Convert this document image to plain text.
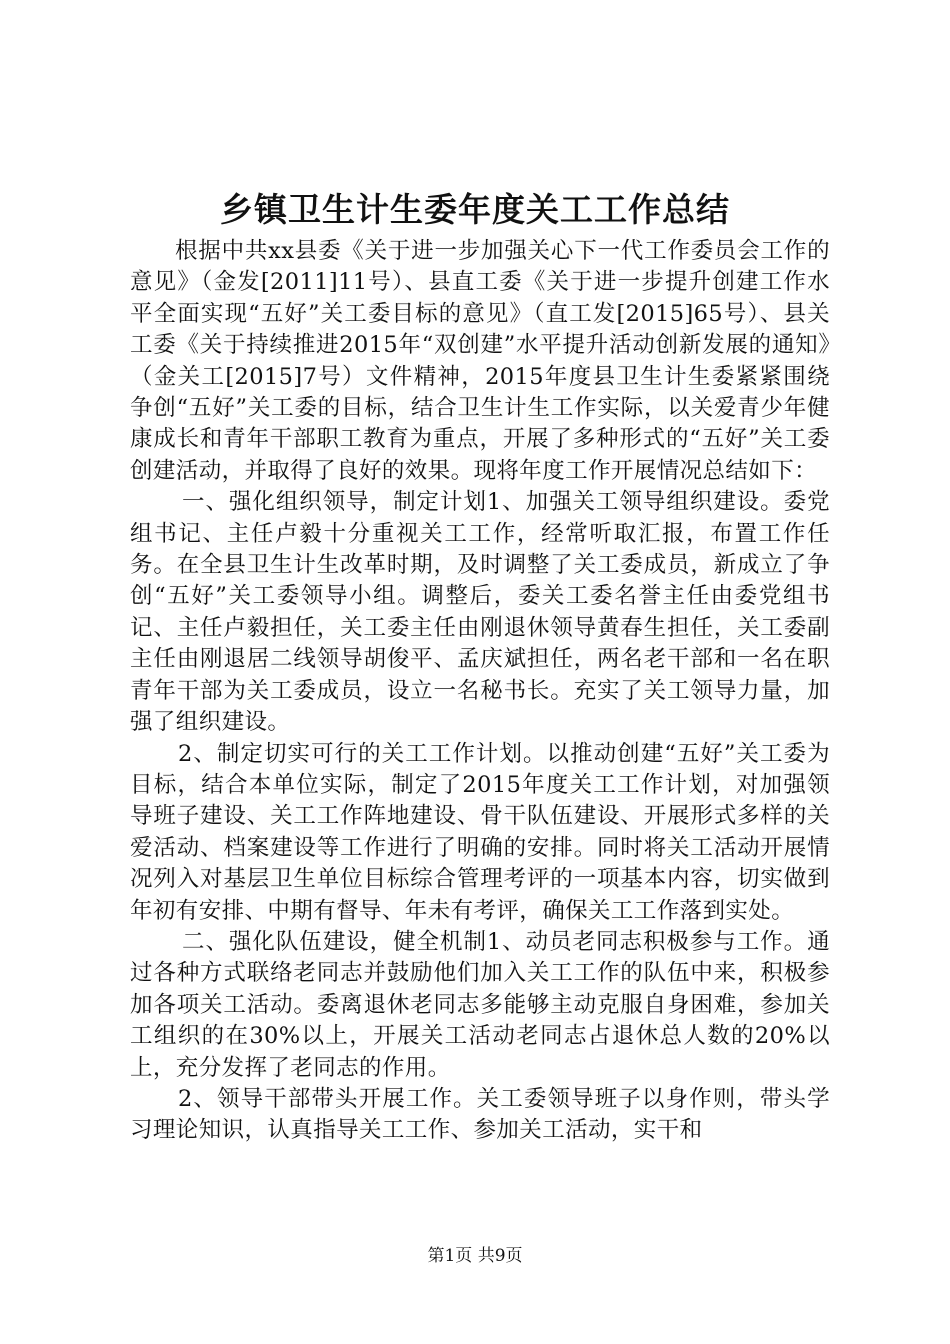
乡镇卫生计生委年度关工工作总结

根据中共xx县委《关于进一步加强关心下一代工作委员会工作的意见》（金发[2011]11号）、县直工委《关于进一步提升创建工作水平全面实现“五好”关工委目标的意见》（直工发[2015]65号）、县关工委《关于持续推进2015年“双创建”水平提升活动创新发展的通知》（金关工[2015]7号）文件精神，2015年度县卫生计生委紧紧围绕争创“五好”关工委的目标，结合卫生计生工作实际，以关爱青少年健康成长和青年干部职工教育为重点，开展了多种形式的“五好”关工委创建活动，并取得了良好的效果。现将年度工作开展情况总结如下：

一、强化组织领导，制定计划1、加强关工领导组织建设。委党组书记、主任卢毅十分重视关工工作，经常听取汇报，布置工作任务。在全县卫生计生改革时期，及时调整了关工委成员，新成立了争创“五好”关工委领导小组。调整后，委关工委名誉主任由委党组书记、主任卢毅担任，关工委主任由刚退休领导黄春生担任，关工委副主任由刚退居二线领导胡俊平、孟庆斌担任，两名老干部和一名在职青年干部为关工委成员，设立一名秘书长。充实了关工领导力量，加强了组织建设。

2、制定切实可行的关工工作计划。以推动创建“五好”关工委为目标，结合本单位实际，制定了2015年度关工工作计划，对加强领导班子建设、关工工作阵地建设、骨干队伍建设、开展形式多样的关爱活动、档案建设等工作进行了明确的安排。同时将关工活动开展情况列入对基层卫生单位目标综合管理考评的一项基本内容，切实做到年初有安排、中期有督导、年未有考评，确保关工工作落到实处。

二、强化队伍建设，健全机制1、动员老同志积极参与工作。通过各种方式联络老同志并鼓励他们加入关工工作的队伍中来，积极参加各项关工活动。委离退休老同志多能够主动克服自身困难，参加关工组织的在30%以上，开展关工活动老同志占退休总人数的20%以上，充分发挥了老同志的作用。

2、领导干部带头开展工作。关工委领导班子以身作则，带头学习理论知识，认真指导关工工作、参加关工活动，实干和

第1页 共9页
